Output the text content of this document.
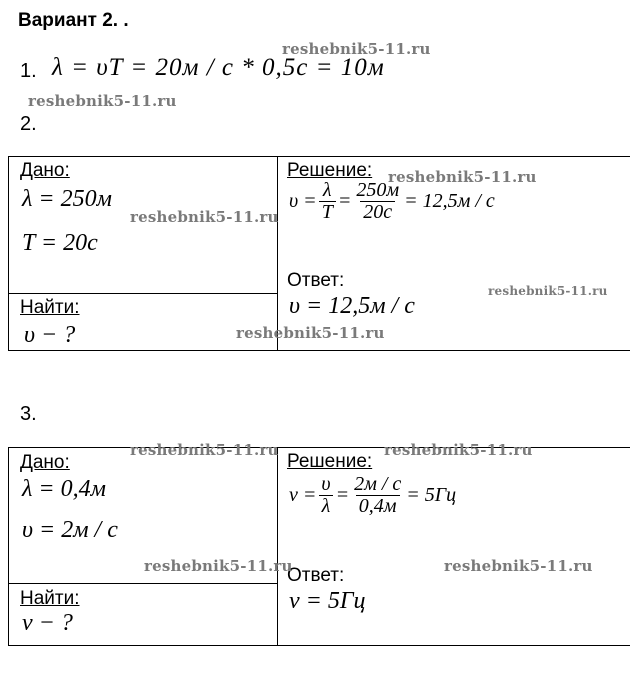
Вариант 2. .
1. λ = υT = 20м / с * 0,5с = 10м
2.
Дано:
λ = 250м
T = 20с
Найти:
υ − ?
Решение:
$\upsilon = \frac{\lambda}{T} = \frac{250м}{20с} = 12,5м / с$
Ответ:
υ = 12,5м / с
3.
Дано:
λ = 0,4м
υ = 2м / с
Найти:
ν − ?
Решение:
$\nu = \frac{\upsilon}{\lambda} = \frac{2м / с}{0,4м} = 5Гц$
Ответ:
ν = 5Гц
reshebnik5-11.ru
reshebnik5-11.ru
reshebnik5-11.ru
reshebnik5-11.ru
reshebnik5-11.ru
reshebnik5-11.ru
reshebnik5-11.ru	reshebnik5-11.ru
reshebnik5-11.ru	reshebnik5-11.ru
